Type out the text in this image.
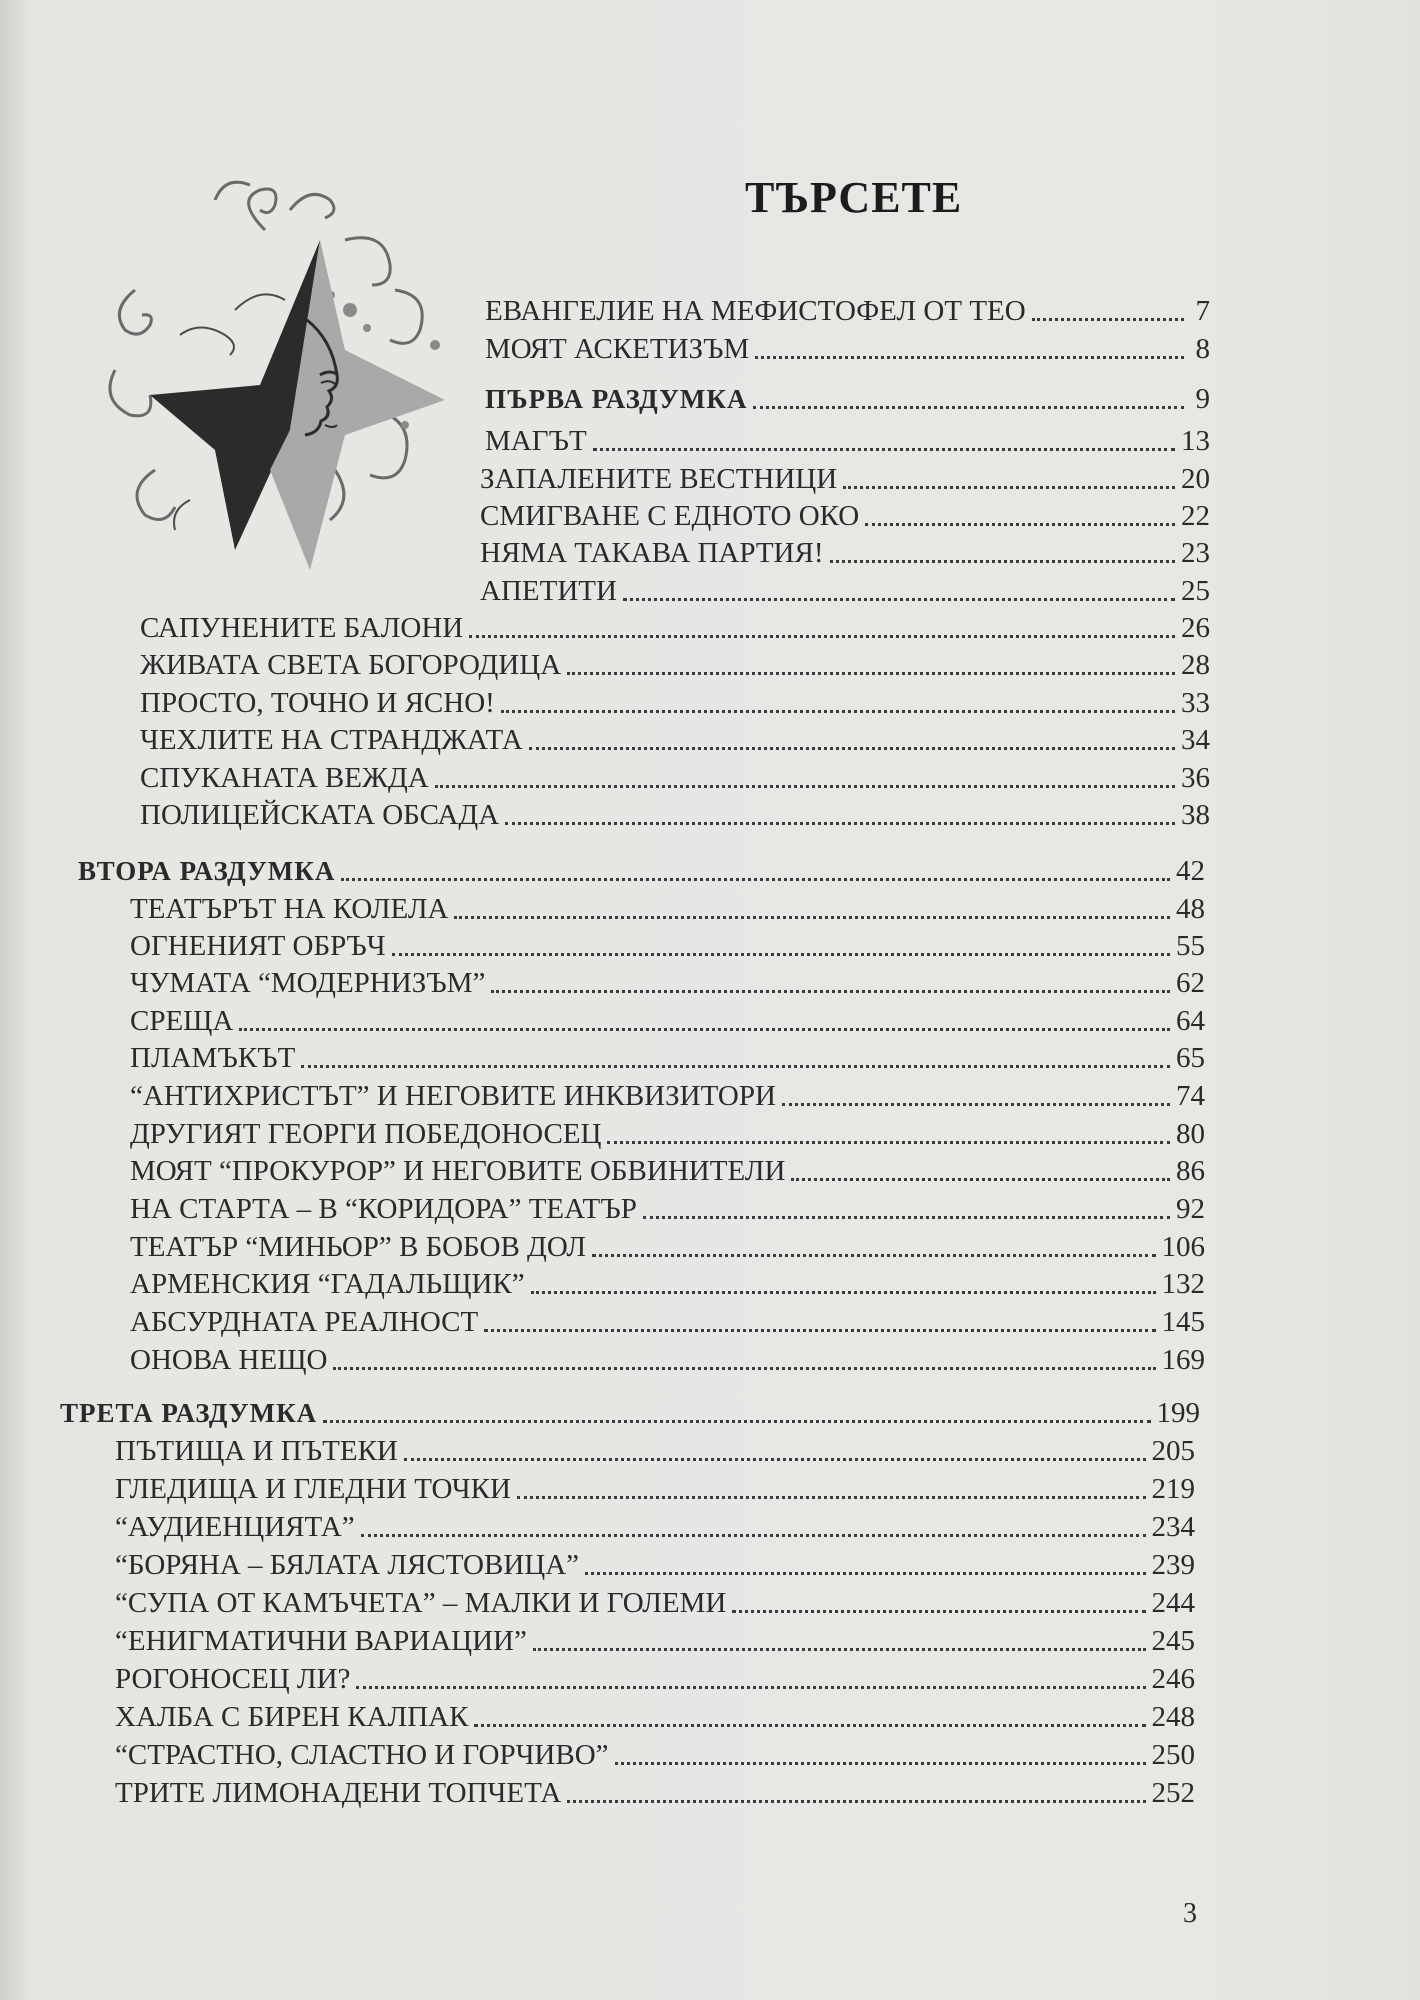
ТЪРСЕТЕ
ЕВАНГЕЛИЕ НА МЕФИСТОФЕЛ ОТ ТЕО	7
МОЯТ АСКЕТИЗЪМ	8
ПЪРВА РАЗДУМКА	9
МАГЪТ	13
ЗАПАЛЕНИТЕ ВЕСТНИЦИ	20
СМИГВАНЕ С ЕДНОТО ОКО	22
НЯМА ТАКАВА ПАРТИЯ!	23
АПЕТИТИ	25
САПУНЕНИТЕ БАЛОНИ	26
ЖИВАТА СВЕТА БОГОРОДИЦА	28
ПРОСТО, ТОЧНО И ЯСНО!	33
ЧЕХЛИТЕ НА СТРАНДЖАТА	34
СПУКАНАТА ВЕЖДА	36
ПОЛИЦЕЙСКАТА ОБСАДА	38
ВТОРА РАЗДУМКА	42
ТЕАТЪРЪТ НА КОЛЕЛА	48
ОГНЕНИЯТ ОБРЪЧ	55
ЧУМАТА “МОДЕРНИЗЪМ”	62
СРЕЩА	64
ПЛАМЪКЪТ	65
“АНТИХРИСТЪТ” И НЕГОВИТЕ ИНКВИЗИТОРИ	74
ДРУГИЯТ ГЕОРГИ ПОБЕДОНОСЕЦ	80
МОЯТ “ПРОКУРОР” И НЕГОВИТЕ ОБВИНИТЕЛИ	86
НА СТАРТА – В “КОРИДОРА” ТЕАТЪР	92
ТЕАТЪР “МИНЬОР” В БОБОВ ДОЛ	106
АРМЕНСКИЯ “ГАДАЛЬЩИК”	132
АБСУРДНАТА РЕАЛНОСТ	145
ОНОВА НЕЩО	169
ТРЕТА РАЗДУМКА	199
ПЪТИЩА И ПЪТЕКИ	205
ГЛЕДИЩА И ГЛЕДНИ ТОЧКИ	219
“АУДИЕНЦИЯТА”	234
“БОРЯНА – БЯЛАТА ЛЯСТОВИЦА”	239
“СУПА ОТ КАМЪЧЕТА” – МАЛКИ И ГОЛЕМИ	244
“ЕНИГМАТИЧНИ ВАРИАЦИИ”	245
РОГОНОСЕЦ ЛИ?	246
ХАЛБА С БИРЕН КАЛПАК	248
“СТРАСТНО, СЛАСТНО И ГОРЧИВО”	250
ТРИТЕ ЛИМОНАДЕНИ ТОПЧЕТА	252
3
